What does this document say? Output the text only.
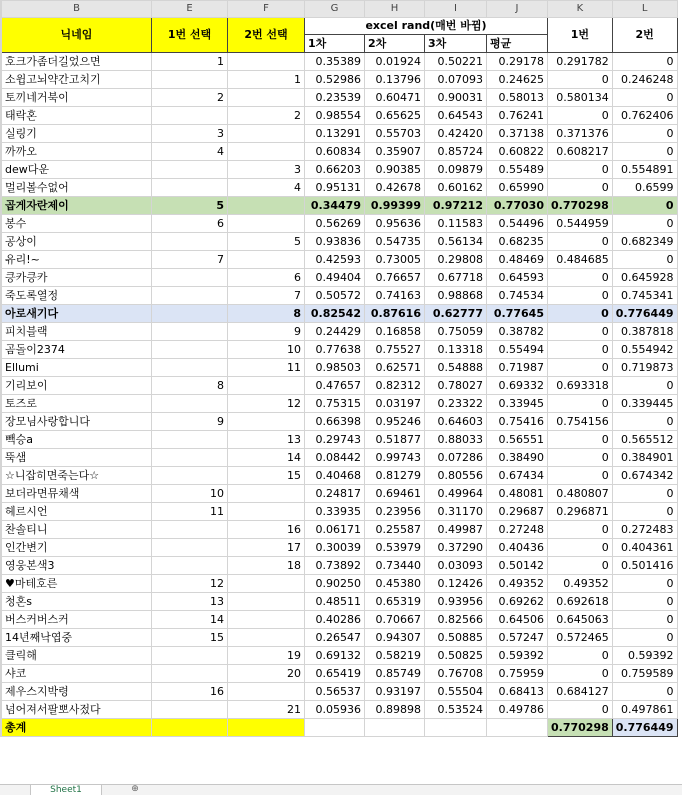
	B	E	F	G	H	I	J	K	L
	닉네임	1번 선택	2번 선택	excel rand(매번 바뀜)				1번	2번
			1차	2차	3차	평균		
	호크가좀더길었으면	1		0.35389	0.01924	0.50221	0.29178	0.291782	0
	소윕고뇌약간고치기		1	0.52986	0.13796	0.07093	0.24625	0	0.246248
	토끼네거북이	2		0.23539	0.60471	0.90031	0.58013	0.580134	0
	태락혼		2	0.98554	0.65625	0.64543	0.76241	0	0.762406
	실링기	3		0.13291	0.55703	0.42420	0.37138	0.371376	0
	까까오	4		0.60834	0.35907	0.85724	0.60822	0.608217	0
	dew다운		3	0.66203	0.90385	0.09879	0.55489	0	0.554891
	멀리볼수없어		4	0.95131	0.42678	0.60162	0.65990	0	0.6599
	곱게자란제이	5		0.34479	0.99399	0.97212	0.77030	0.770298	0
	봉수	6		0.56269	0.95636	0.11583	0.54496	0.544959	0
	공상이		5	0.93836	0.54735	0.56134	0.68235	0	0.682349
	유리!~	7		0.42593	0.73005	0.29808	0.48469	0.484685	0
	킁카킁카		6	0.49404	0.76657	0.67718	0.64593	0	0.645928
	죽도록열정		7	0.50572	0.74163	0.98868	0.74534	0	0.745341
	아로새기다		8	0.82542	0.87616	0.62777	0.77645	0	0.776449
	피치블랙		9	0.24429	0.16858	0.75059	0.38782	0	0.387818
	곰돌이2374		10	0.77638	0.75527	0.13318	0.55494	0	0.554942
	Ellumi		11	0.98503	0.62571	0.54888	0.71987	0	0.719873
	기리보이	8		0.47657	0.82312	0.78027	0.69332	0.693318	0
	토즈로		12	0.75315	0.03197	0.23322	0.33945	0	0.339445
	장모님사랑합니다	9		0.66398	0.95246	0.64603	0.75416	0.754156	0
	빽승a		13	0.29743	0.51877	0.88033	0.56551	0	0.565512
	뚝샘		14	0.08442	0.99743	0.07286	0.38490	0	0.384901
	☆니잡히면죽는다☆		15	0.40468	0.81279	0.80556	0.67434	0	0.674342
	보더라면뮤채색	10		0.24817	0.69461	0.49964	0.48081	0.480807	0
	헤르시언	11		0.33935	0.23956	0.31170	0.29687	0.296871	0
	찬솔티니		16	0.06171	0.25587	0.49987	0.27248	0	0.272483
	인간변기		17	0.30039	0.53979	0.37290	0.40436	0	0.404361
	영웅본색3		18	0.73892	0.73440	0.03093	0.50142	0	0.501416
	♥마테호른	12		0.90250	0.45380	0.12426	0.49352	0.49352	0
	청혼s	13		0.48511	0.65319	0.93956	0.69262	0.692618	0
	버스커버스커	14		0.40286	0.70667	0.82566	0.64506	0.645063	0
	14년째낙엽중	15		0.26547	0.94307	0.50885	0.57247	0.572465	0
	클릭해		19	0.69132	0.58219	0.50825	0.59392	0	0.59392
	샤코		20	0.65419	0.85749	0.76708	0.75959	0	0.759589
	제우스지박령	16		0.56537	0.93197	0.55504	0.68413	0.684127	0
	넘어져서팔뽀사젔다		21	0.05936	0.89898	0.53524	0.49786	0	0.497861
	총계							0.770298	0.776449
Sheet1	⊕
